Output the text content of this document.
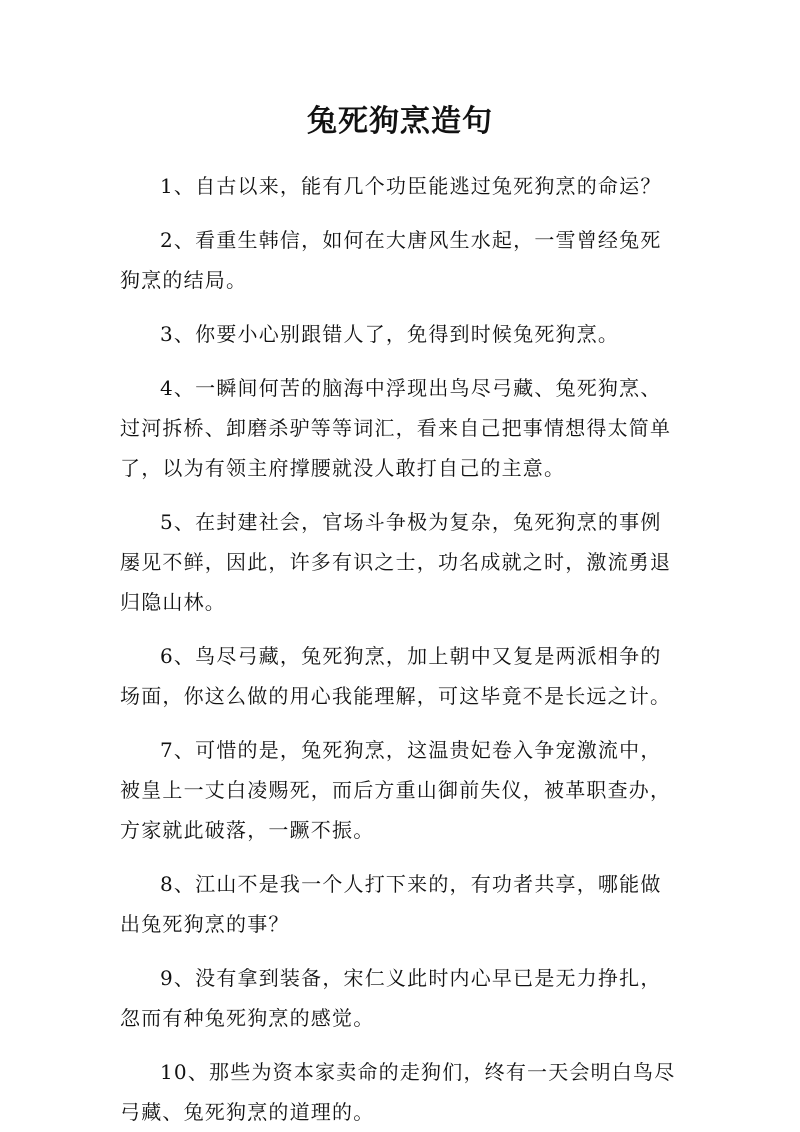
兔死狗烹造句
1、自古以来，能有几个功臣能逃过兔死狗烹的命运？
2、看重生韩信，如何在大唐风生水起，一雪曾经兔死狗烹的结局。
3、你要小心别跟错人了，免得到时候兔死狗烹。
4、一瞬间何苦的脑海中浮现出鸟尽弓藏、兔死狗烹、过河拆桥、卸磨杀驴等等词汇，看来自己把事情想得太简单了，以为有领主府撑腰就没人敢打自己的主意。
5、在封建社会，官场斗争极为复杂，兔死狗烹的事例屡见不鲜，因此，许多有识之士，功名成就之时，激流勇退归隐山林。
6、鸟尽弓藏，兔死狗烹，加上朝中又复是两派相争的场面，你这么做的用心我能理解，可这毕竟不是长远之计。
7、可惜的是，兔死狗烹，这温贵妃卷入争宠激流中，被皇上一丈白凌赐死，而后方重山御前失仪，被革职查办，方家就此破落，一蹶不振。
8、江山不是我一个人打下来的，有功者共享，哪能做出兔死狗烹的事？
9、没有拿到装备，宋仁义此时内心早已是无力挣扎，忽而有种兔死狗烹的感觉。
10、那些为资本家卖命的走狗们，终有一天会明白鸟尽弓藏、兔死狗烹的道理的。
